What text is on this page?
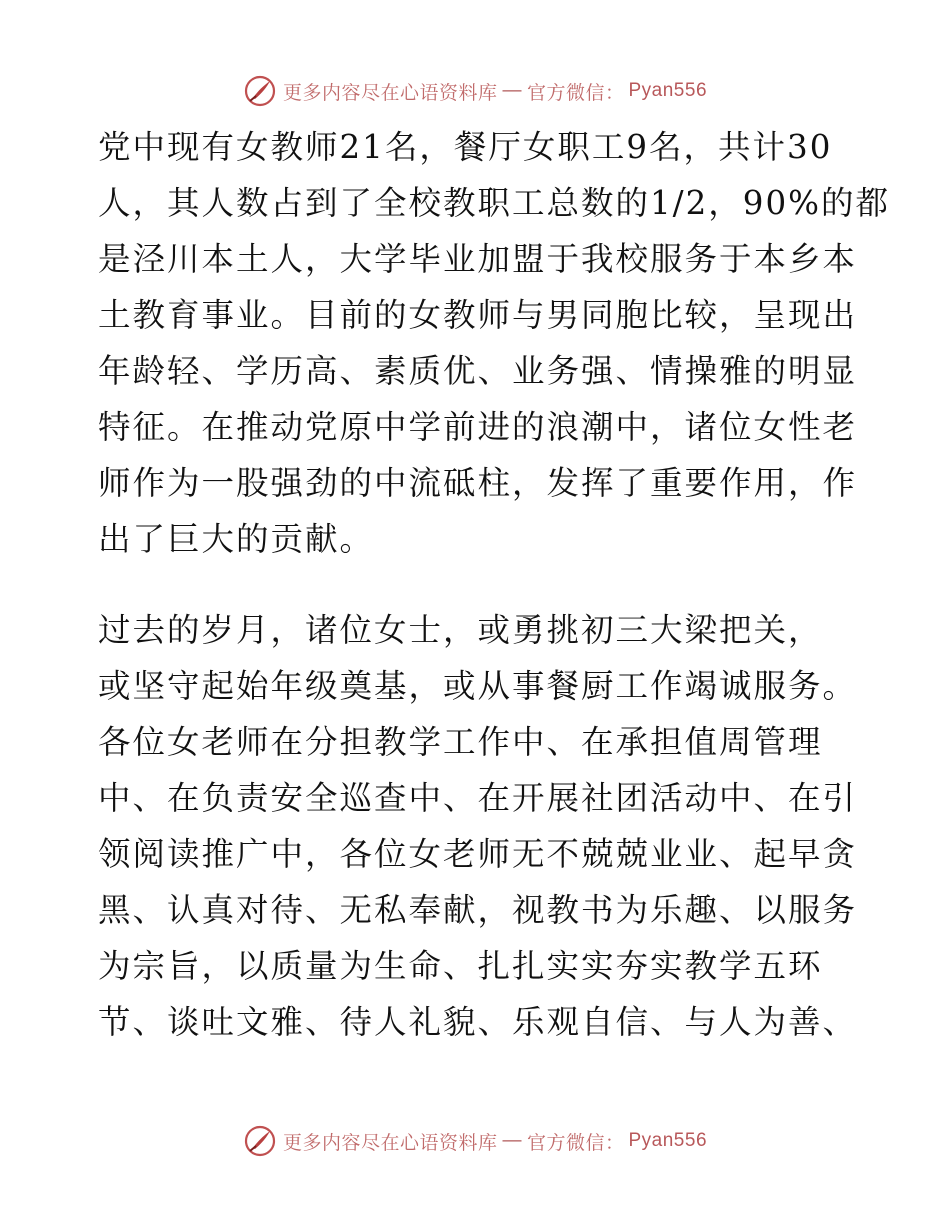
更多内容尽在心语资料库 — 官方微信： Pyan556
党中现有女教师21名，餐厅女职工9名，共计30
人，其人数占到了全校教职工总数的1/2，90%的都
是泾川本土人，大学毕业加盟于我校服务于本乡本
土教育事业。目前的女教师与男同胞比较，呈现出
年龄轻、学历高、素质优、业务强、情操雅的明显
特征。在推动党原中学前进的浪潮中，诸位女性老
师作为一股强劲的中流砥柱，发挥了重要作用，作
出了巨大的贡献。
过去的岁月，诸位女士，或勇挑初三大梁把关，
或坚守起始年级奠基，或从事餐厨工作竭诚服务。
各位女老师在分担教学工作中、在承担值周管理
中、在负责安全巡查中、在开展社团活动中、在引
领阅读推广中，各位女老师无不兢兢业业、起早贪
黑、认真对待、无私奉献，视教书为乐趣、以服务
为宗旨，以质量为生命、扎扎实实夯实教学五环
节、谈吐文雅、待人礼貌、乐观自信、与人为善、
更多内容尽在心语资料库 — 官方微信： Pyan556
